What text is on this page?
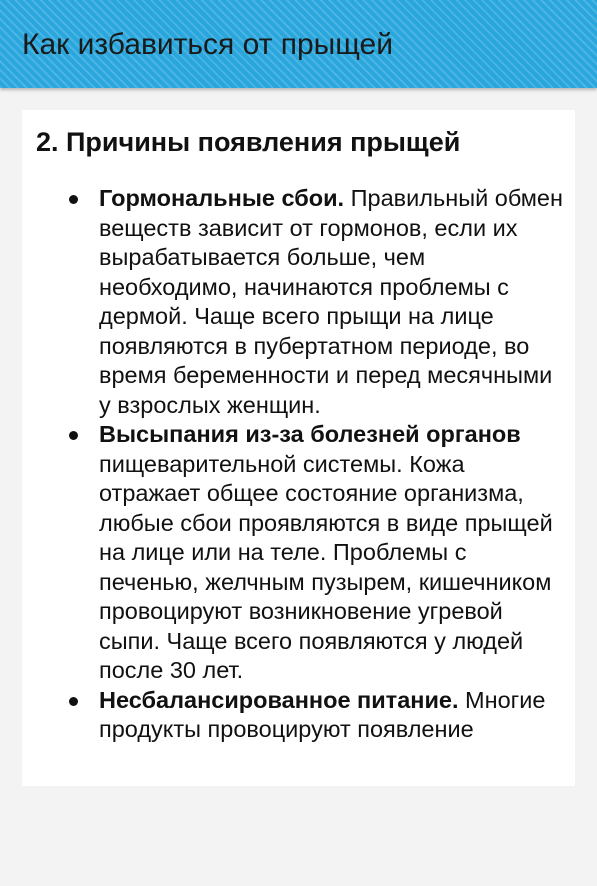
Как избавиться от прыщей
2. Причины появления прыщей
Гормональные сбои. Правильный обмен веществ зависит от гормонов, если их вырабатывается больше, чем необходимо, начинаются проблемы с дермой. Чаще всего прыщи на лице появляются в пубертатном периоде, во время беременности и перед месячными у взрослых женщин.
Высыпания из-за болезней органов пищеварительной системы. Кожа отражает общее состояние организма, любые сбои проявляются в виде прыщей на лице или на теле. Проблемы с печенью, желчным пузырем, кишечником провоцируют возникновение угревой сыпи. Чаще всего появляются у людей после 30 лет.
Несбалансированное питание. Многие продукты провоцируют появление
